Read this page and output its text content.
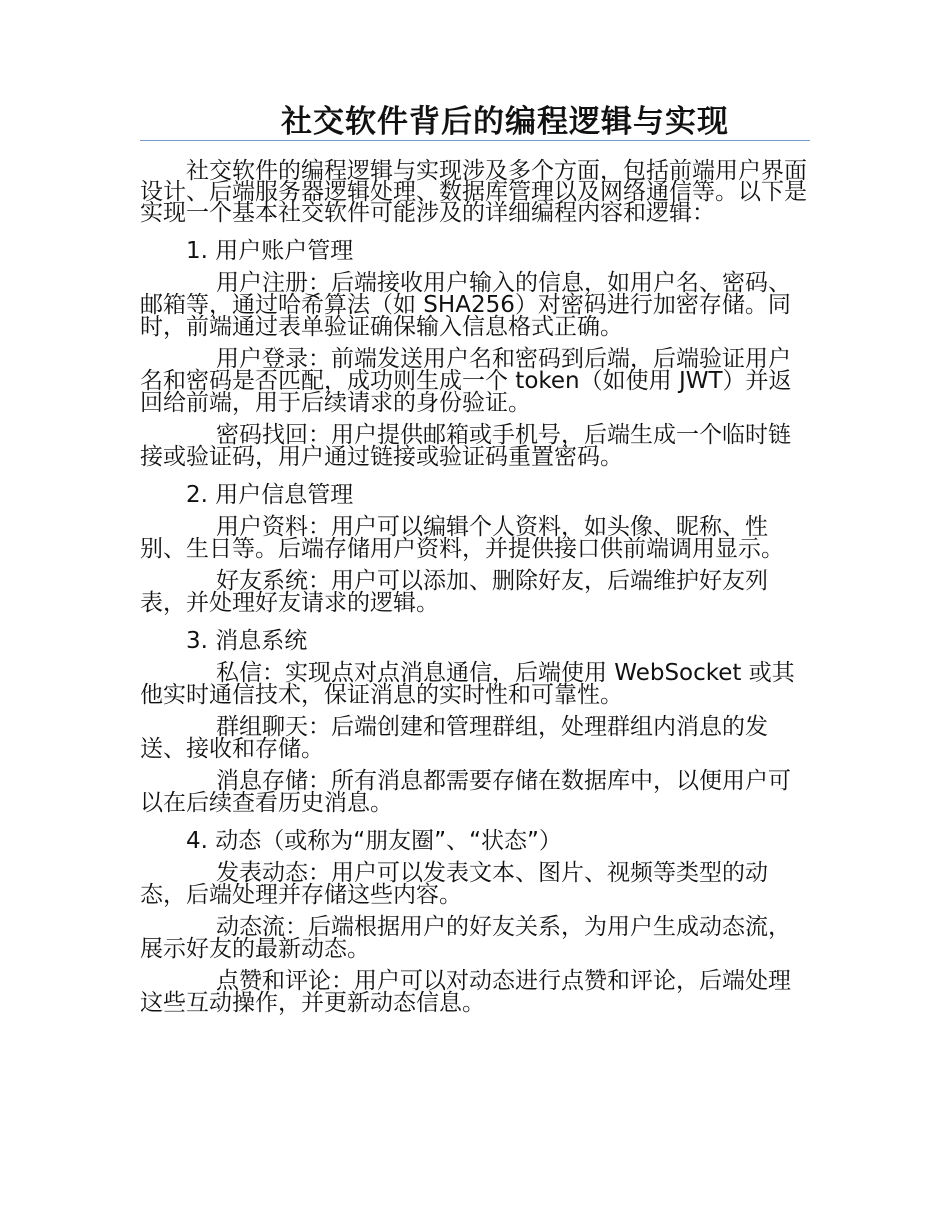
社交软件背后的编程逻辑与实现

社交软件的编程逻辑与实现涉及多个方面，包括前端用户界面设计、后端服务器逻辑处理、数据库管理以及网络通信等。以下是实现一个基本社交软件可能涉及的详细编程内容和逻辑：

1. 用户账户管理

用户注册：后端接收用户输入的信息，如用户名、密码、邮箱等，通过哈希算法（如 SHA256）对密码进行加密存储。同时，前端通过表单验证确保输入信息格式正确。

用户登录：前端发送用户名和密码到后端，后端验证用户名和密码是否匹配，成功则生成一个 token（如使用 JWT）并返回给前端，用于后续请求的身份验证。

密码找回：用户提供邮箱或手机号，后端生成一个临时链接或验证码，用户通过链接或验证码重置密码。

2. 用户信息管理

用户资料：用户可以编辑个人资料，如头像、昵称、性别、生日等。后端存储用户资料，并提供接口供前端调用显示。

好友系统：用户可以添加、删除好友，后端维护好友列表，并处理好友请求的逻辑。

3. 消息系统

私信：实现点对点消息通信，后端使用 WebSocket 或其他实时通信技术，保证消息的实时性和可靠性。

群组聊天：后端创建和管理群组，处理群组内消息的发送、接收和存储。

消息存储：所有消息都需要存储在数据库中，以便用户可以在后续查看历史消息。

4. 动态（或称为“朋友圈”、“状态”）

发表动态：用户可以发表文本、图片、视频等类型的动态，后端处理并存储这些内容。

动态流：后端根据用户的好友关系，为用户生成动态流，展示好友的最新动态。

点赞和评论：用户可以对动态进行点赞和评论，后端处理这些互动操作，并更新动态信息。
